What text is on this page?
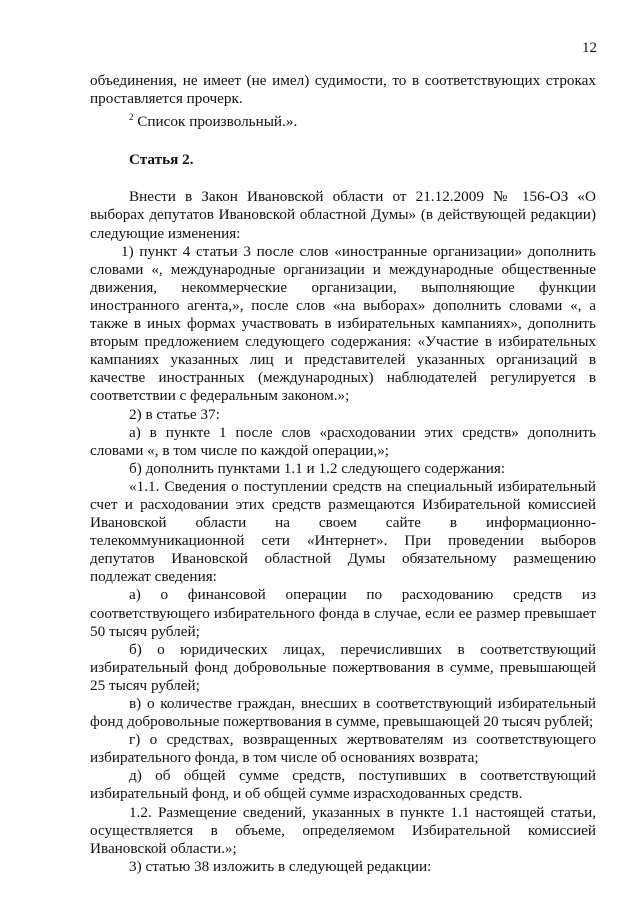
12

объединения, не имеет (не имел) судимости, то в соответствующих строках

проставляется прочерк.

$^2$ Список произвольный.».

Статья 2.

Внести в Закон Ивановской области от 21.12.2009 № 156-ОЗ «О

выборах депутатов Ивановской областной Думы» (в действующей редакции)

следующие изменения:

1) пункт 4 статьи 3 после слов «иностранные организации» дополнить

словами «, международные организации и международные общественные

движения, некоммерческие организации, выполняющие функции

иностранного агента,», после слов «на выборах» дополнить словами «, а

также в иных формах участвовать в избирательных кампаниях», дополнить

вторым предложением следующего содержания: «Участие в избирательных

кампаниях указанных лиц и представителей указанных организаций в

качестве иностранных (международных) наблюдателей регулируется в

соответствии с федеральным законом.»;

2) в статье 37:

а) в пункте 1 после слов «расходовании этих средств» дополнить

словами «, в том числе по каждой операции,»;

б) дополнить пунктами 1.1 и 1.2 следующего содержания:

«1.1. Сведения о поступлении средств на специальный избирательный

счет и расходовании этих средств размещаются Избирательной комиссией

Ивановской области на своем сайте в информационно-

телекоммуникационной сети «Интернет». При проведении выборов

депутатов Ивановской областной Думы обязательному размещению

подлежат сведения:

а) о финансовой операции по расходованию средств из

соответствующего избирательного фонда в случае, если ее размер превышает

50 тысяч рублей;

б) о юридических лицах, перечисливших в соответствующий

избирательный фонд добровольные пожертвования в сумме, превышающей

25 тысяч рублей;

в) о количестве граждан, внесших в соответствующий избирательный

фонд добровольные пожертвования в сумме, превышающей 20 тысяч рублей;

г) о средствах, возвращенных жертвователям из соответствующего

избирательного фонда, в том числе об основаниях возврата;

д) об общей сумме средств, поступивших в соответствующий

избирательный фонд, и об общей сумме израсходованных средств.

1.2. Размещение сведений, указанных в пункте 1.1 настоящей статьи,

осуществляется в объеме, определяемом Избирательной комиссией

Ивановской области.»;

3) статью 38 изложить в следующей редакции:
